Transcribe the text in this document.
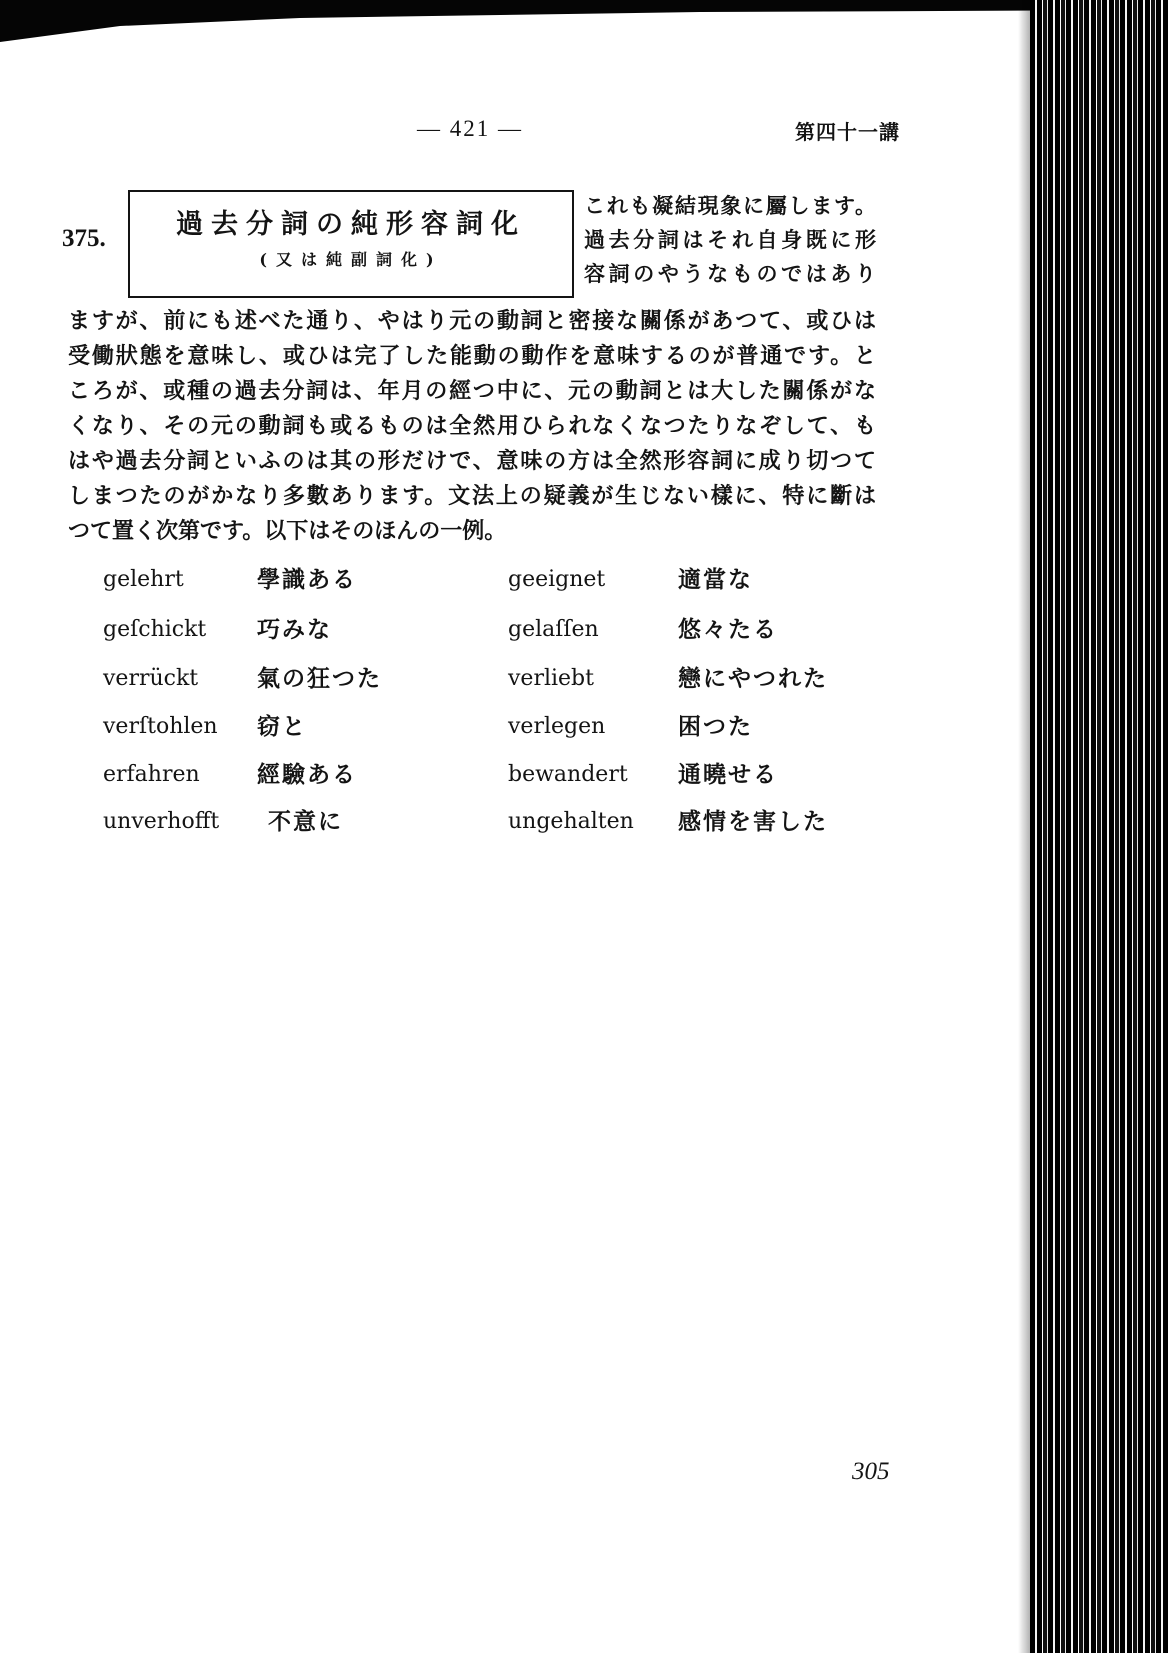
— 421 —	第四十一講
375.	過去分詞の純形容詞化
(又は純副詞化)
これも凝結現象に屬します。
過去分詞はそれ自身既に形
容詞のやうなものではあり
ますが、前にも述べた通り、やはり元の動詞と密接な關係があつて、或ひは
受働狀態を意味し、或ひは完了した能動の動作を意味するのが普通です。と
ころが、或種の過去分詞は、年月の經つ中に、元の動詞とは大した關係がな
くなり、その元の動詞も或るものは全然用ひられなくなつたりなぞして、も
はや過去分詞といふのは其の形だけで、意味の方は全然形容詞に成り切つて
しまつたのがかなり多數あります。文法上の疑義が生じない樣に、特に斷は
つて置く次第です。以下はそのほんの一例。
gelehrt	學識ある	geeignet	適當な
geſchickt 巧みな	gelaſſen	悠々たる
verrückt	氣の狂つた	verliebt	戀にやつれた
verſtohlen 窃と	verlegen	困つた
erfahren 經驗ある	bewandert 通曉せる
unverhofft 不意に	ungehalten 感情を害した
305
